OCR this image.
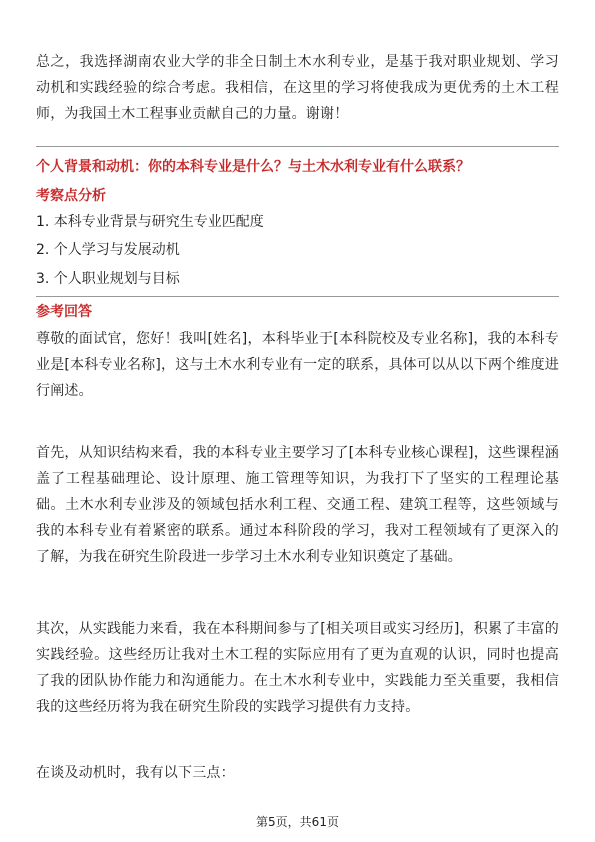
总之，我选择湖南农业大学的非全日制土木水利专业，是基于我对职业规划、学习动机和实践经验的综合考虑。我相信，在这里的学习将使我成为更优秀的土木工程师，为我国土木工程事业贡献自己的力量。谢谢！

个人背景和动机：你的本科专业是什么？与土木水利专业有什么联系？
考察点分析
1. 本科专业背景与研究生专业匹配度
2. 个人学习与发展动机
3. 个人职业规划与目标
参考回答

尊敬的面试官，您好！我叫[姓名]，本科毕业于[本科院校及专业名称]，我的本科专业是[本科专业名称]，这与土木水利专业有一定的联系，具体可以从以下两个维度进行阐述。

首先，从知识结构来看，我的本科专业主要学习了[本科专业核心课程]，这些课程涵盖了工程基础理论、设计原理、施工管理等知识，为我打下了坚实的工程理论基础。土木水利专业涉及的领域包括水利工程、交通工程、建筑工程等，这些领域与我的本科专业有着紧密的联系。通过本科阶段的学习，我对工程领域有了更深入的了解，为我在研究生阶段进一步学习土木水利专业知识奠定了基础。

其次，从实践能力来看，我在本科期间参与了[相关项目或实习经历]，积累了丰富的实践经验。这些经历让我对土木工程的实际应用有了更为直观的认识，同时也提高了我的团队协作能力和沟通能力。在土木水利专业中，实践能力至关重要，我相信我的这些经历将为我在研究生阶段的实践学习提供有力支持。

在谈及动机时，我有以下三点：

第5页，共61页
